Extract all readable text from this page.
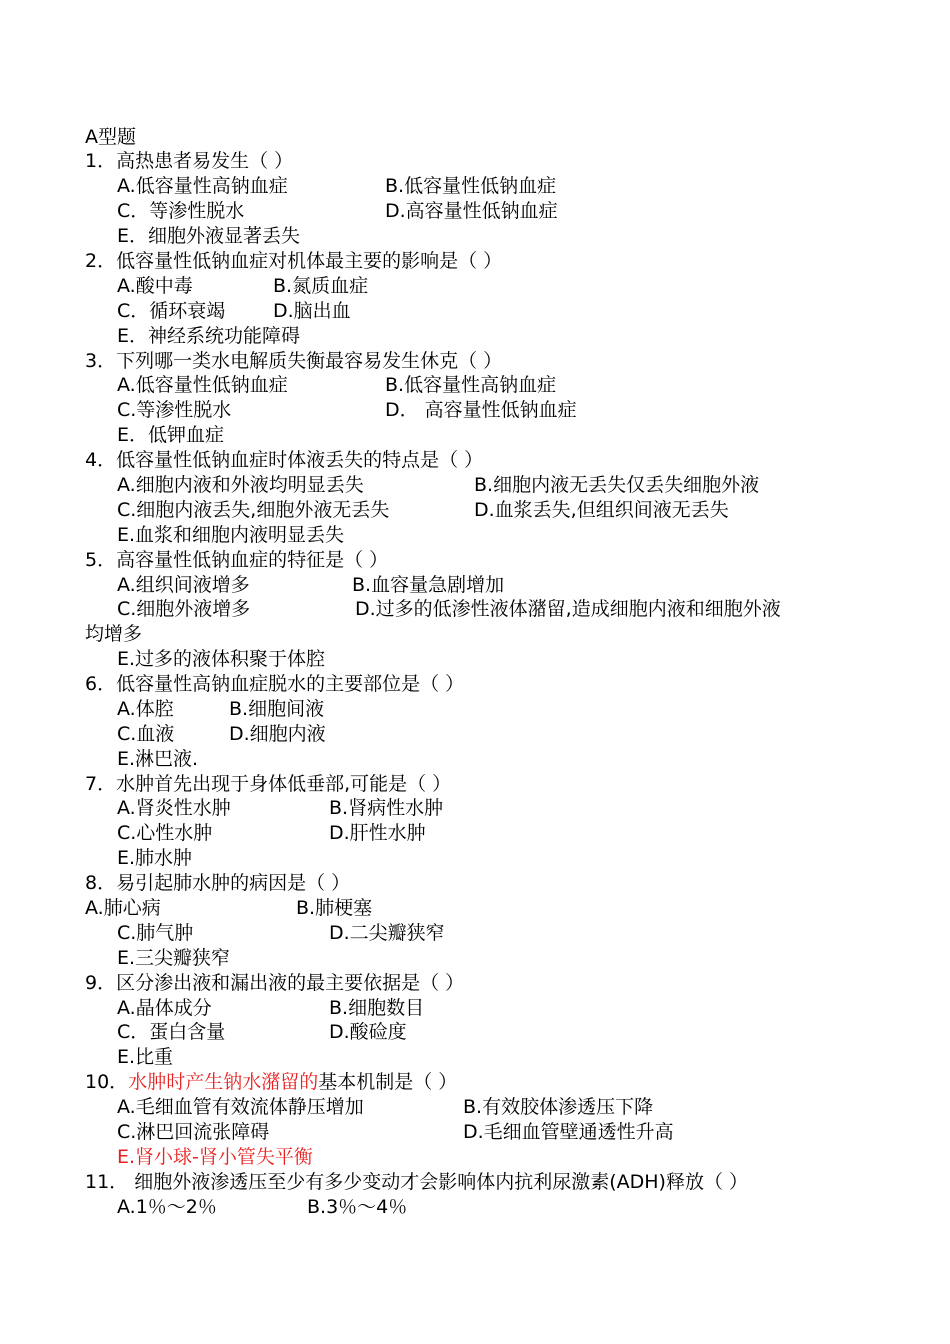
A型题
1．高热患者易发生（ ）
A.低容量性高钠血症	B.低容量性低钠血症
C．等渗性脱水	D.高容量性低钠血症
E．细胞外液显著丢失
2．低容量性低钠血症对机体最主要的影响是（ ）
A.酸中毒	B.氮质血症
C．循环衰竭	D.脑出血
E．神经系统功能障碍
3．下列哪一类水电解质失衡最容易发生休克（ ）
A.低容量性低钠血症	B.低容量性高钠血症
C.等渗性脱水	D． 高容量性低钠血症
E．低钾血症
4．低容量性低钠血症时体液丢失的特点是（ ）
A.细胞内液和外液均明显丢失	B.细胞内液无丢失仅丢失细胞外液
C.细胞内液丢失,细胞外液无丢失	D.血浆丢失,但组织间液无丢失
E.血浆和细胞内液明显丢失
5．高容量性低钠血症的特征是（ ）
A.组织间液增多	B.血容量急剧增加
C.细胞外液增多	D.过多的低渗性液体潴留,造成细胞内液和细胞外液
均增多
E.过多的液体积聚于体腔
6．低容量性高钠血症脱水的主要部位是（ ）
A.体腔	B.细胞间液
C.血液	D.细胞内液
E.淋巴液.
7．水肿首先出现于身体低垂部,可能是（ ）
A.肾炎性水肿	B.肾病性水肿
C.心性水肿	D.肝性水肿
E.肺水肿
8．易引起肺水肿的病因是（ ）
A.肺心病	B.肺梗塞
C.肺气肿	D.二尖瓣狭窄
E.三尖瓣狭窄
9．区分渗出液和漏出液的最主要依据是（ ）
A.晶体成分	B.细胞数目
C．蛋白含量	D.酸硷度
E.比重
10．水肿时产生钠水潴留的基本机制是（ ）
A.毛细血管有效流体静压增加	B.有效胶体渗透压下降
C.淋巴回流张障碍	D.毛细血管壁通透性升高
E.肾小球-肾小管失平衡
11． 细胞外液渗透压至少有多少变动才会影响体内抗利尿激素(ADH)释放（ ）
A.1％～2％	B.3％～4％
